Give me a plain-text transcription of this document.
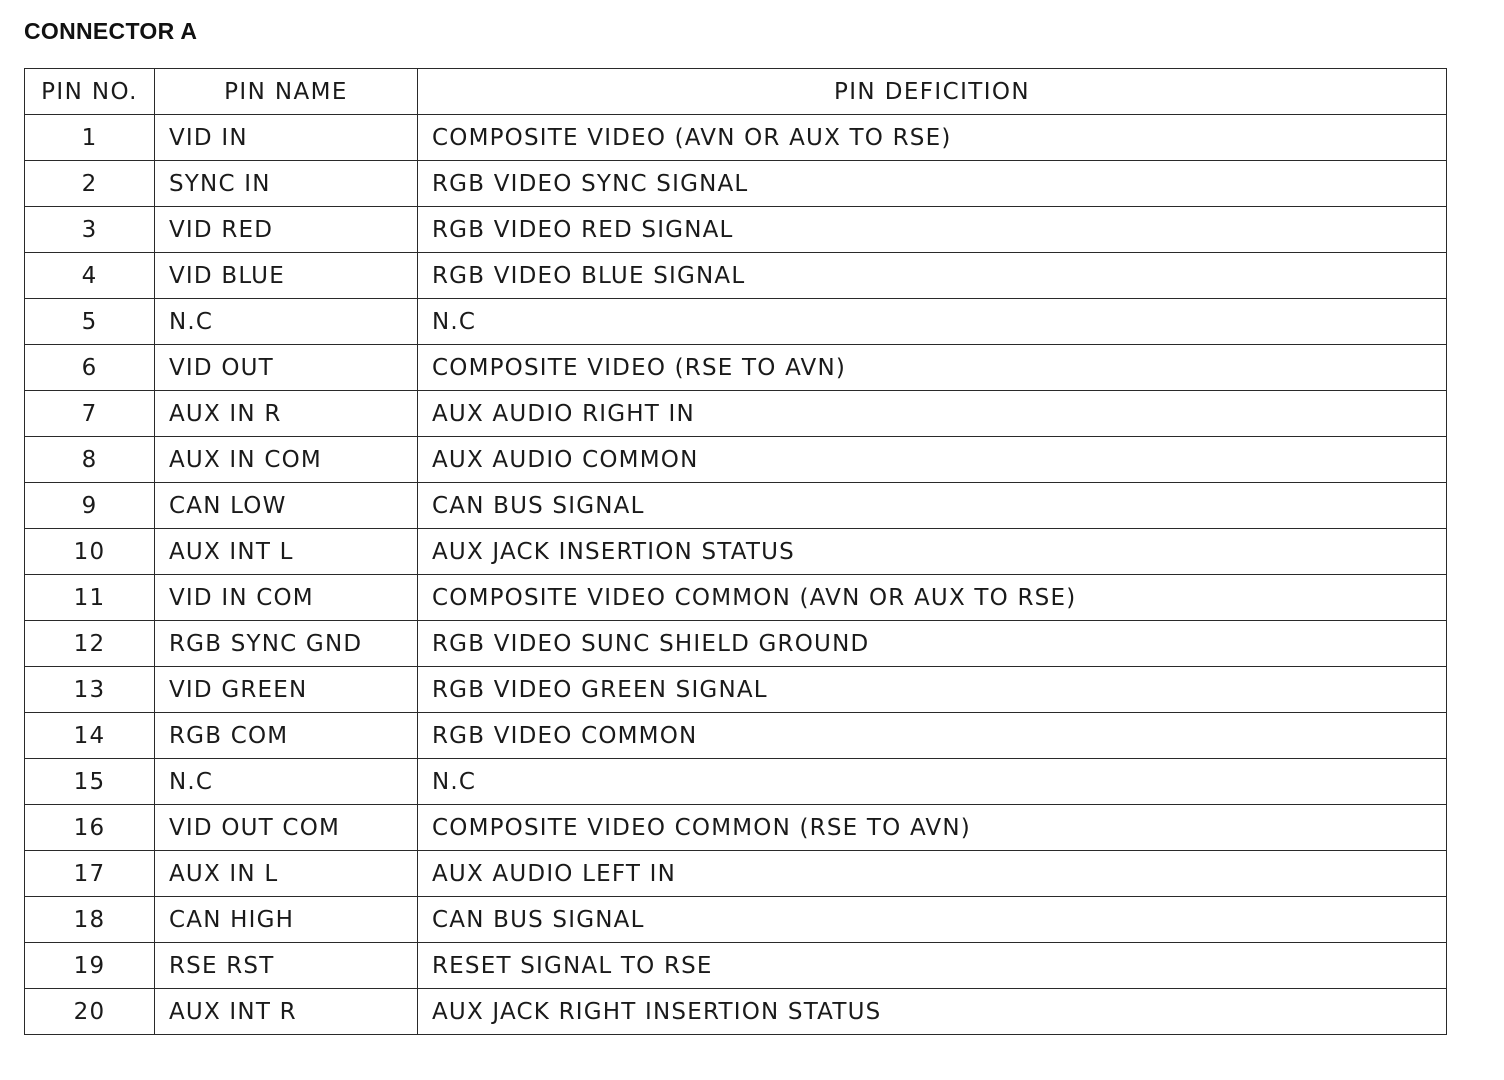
CONNECTOR A
PIN NO.	PIN NAME	PIN DEFICITION
1	VID IN	COMPOSITE VIDEO (AVN OR AUX TO RSE)
2	SYNC IN	RGB VIDEO SYNC SIGNAL
3	VID RED	RGB VIDEO RED SIGNAL
4	VID BLUE	RGB VIDEO BLUE SIGNAL
5	N.C	N.C
6	VID OUT	COMPOSITE VIDEO (RSE TO AVN)
7	AUX IN R	AUX AUDIO RIGHT IN
8	AUX IN COM	AUX AUDIO COMMON
9	CAN LOW	CAN BUS SIGNAL
10	AUX INT L	AUX JACK INSERTION STATUS
11	VID IN COM	COMPOSITE VIDEO COMMON (AVN OR AUX TO RSE)
12	RGB SYNC GND	RGB VIDEO SUNC SHIELD GROUND
13	VID GREEN	RGB VIDEO GREEN SIGNAL
14	RGB COM	RGB VIDEO COMMON
15	N.C	N.C
16	VID OUT COM	COMPOSITE VIDEO COMMON (RSE TO AVN)
17	AUX IN L	AUX AUDIO LEFT IN
18	CAN HIGH	CAN BUS SIGNAL
19	RSE RST	RESET SIGNAL TO RSE
20	AUX INT R	AUX JACK RIGHT INSERTION STATUS
